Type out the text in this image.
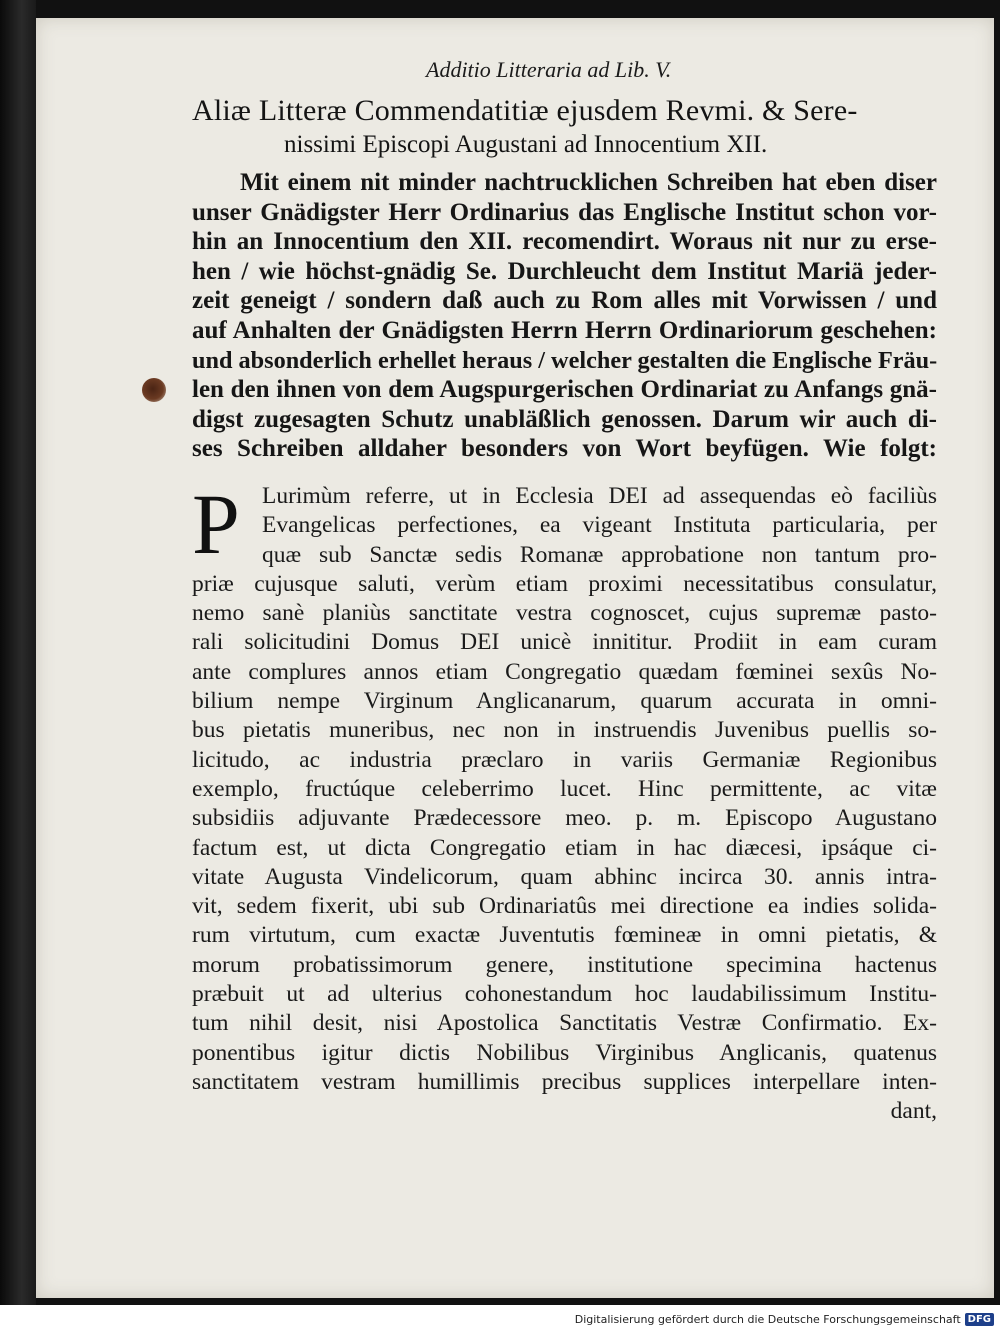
Additio Litteraria ad Lib. V.
Aliæ Litteræ Commendatitiæ ejusdem Revmi. & Sere-
nissimi Episcopi Augustani ad Innocentium XII.
Mit einem nit minder nachtrucklichen Schreiben hat eben diser
unser Gnädigster Herr Ordinarius das Englische Institut schon vor-
hin an Innocentium den XII. recomendirt. Woraus nit nur zu erse-
hen / wie höchst-gnädig Se. Durchleucht dem Institut Mariä jeder-
zeit geneigt / sondern daß auch zu Rom alles mit Vorwissen / und
auf Anhalten der Gnädigsten Herrn Herrn Ordinariorum geschehen:
und absonderlich erhellet heraus / welcher gestalten die Englische Fräu-
len den ihnen von dem Augspurgerischen Ordinariat zu Anfangs gnä-
digst zugesagten Schutz unabläßlich genossen. Darum wir auch di-
ses Schreiben alldaher besonders von Wort beyfügen. Wie folgt:
P Lurimùm referre, ut in Ecclesia DEI ad assequendas eò faciliùs
Evangelicas perfectiones, ea vigeant Instituta particularia, per
quæ sub Sanctæ sedis Romanæ approbatione non tantum pro-
priæ cujusque saluti, verùm etiam proximi necessitatibus consulatur,
nemo sanè planiùs sanctitate vestra cognoscet, cujus supremæ pasto-
rali solicitudini Domus DEI unicè innititur. Prodiit in eam curam
ante complures annos etiam Congregatio quædam fœminei sexûs No-
bilium nempe Virginum Anglicanarum, quarum accurata in omni-
bus pietatis muneribus, nec non in instruendis Juvenibus puellis so-
licitudo, ac industria præclaro in variis Germaniæ Regionibus
exemplo, fructúque celeberrimo lucet. Hinc permittente, ac vitæ
subsidiis adjuvante Prædecessore meo. p. m. Episcopo Augustano
factum est, ut dicta Congregatio etiam in hac diæcesi, ipsáque ci-
vitate Augusta Vindelicorum, quam abhinc incirca 30. annis intra-
vit, sedem fixerit, ubi sub Ordinariatûs mei directione ea indies solida-
rum virtutum, cum exactæ Juventutis fœmineæ in omni pietatis, &
morum probatissimorum genere, institutione specimina hactenus
præbuit ut ad ulterius cohonestandum hoc laudabilissimum Institu-
tum nihil desit, nisi Apostolica Sanctitatis Vestræ Confirmatio. Ex-
ponentibus igitur dictis Nobilibus Virginibus Anglicanis, quatenus
sanctitatem vestram humillimis precibus supplices interpellare inten-
dant,
Digitalisierung gefördert durch die Deutsche Forschungsgemeinschaft DFG
